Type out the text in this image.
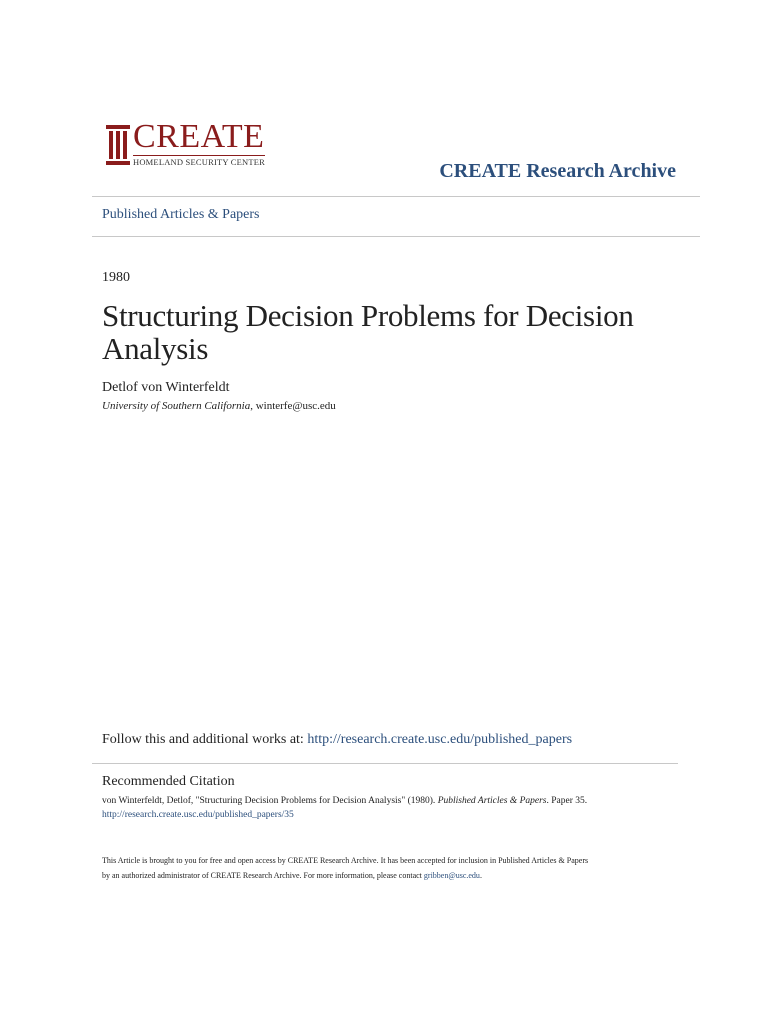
CREATE
HOMELAND SECURITY CENTER	CREATE Research Archive
Published Articles & Papers
1980
Structuring Decision Problems for Decision Analysis
Detlof von Winterfeldt
University of Southern California, winterfe@usc.edu
Follow this and additional works at: http://research.create.usc.edu/published_papers
Recommended Citation
von Winterfeldt, Detlof, "Structuring Decision Problems for Decision Analysis" (1980). Published Articles & Papers. Paper 35.
http://research.create.usc.edu/published_papers/35
This Article is brought to you for free and open access by CREATE Research Archive. It has been accepted for inclusion in Published Articles & Papers
by an authorized administrator of CREATE Research Archive. For more information, please contact gribben@usc.edu.
